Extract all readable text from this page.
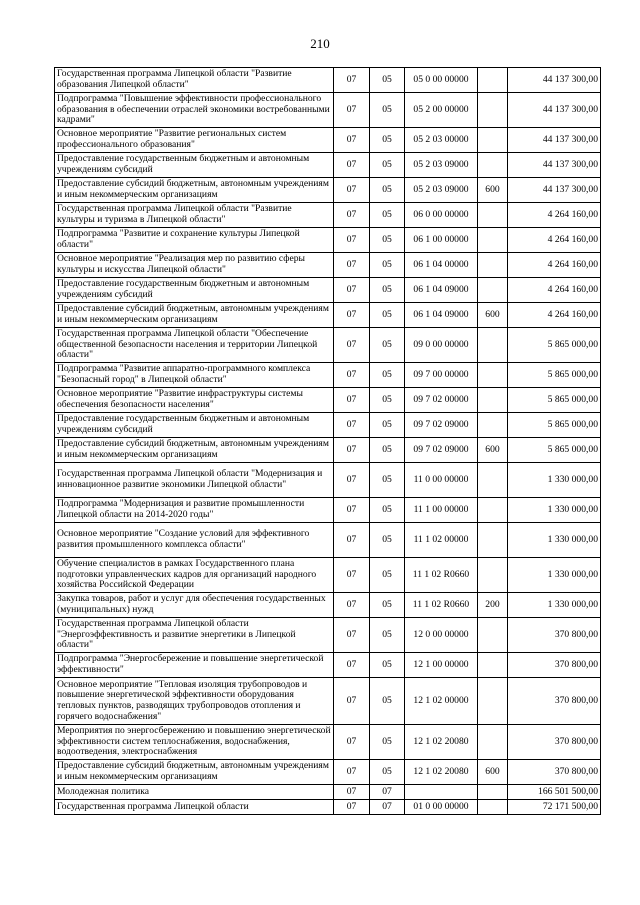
210
Государственная программа Липецкой области "Развитие образования Липецкой области"	07	05	05 0 00 00000		44 137 300,00
Подпрограмма "Повышение эффективности профессионального образования в обеспечении отраслей экономики востребованными кадрами"	07	05	05 2 00 00000		44 137 300,00
Основное мероприятие "Развитие региональных систем профессионального образования"	07	05	05 2 03 00000		44 137 300,00
Предоставление государственным бюджетным и автономным учреждениям субсидий	07	05	05 2 03 09000		44 137 300,00
Предоставление субсидий бюджетным, автономным учреждениям и иным некоммерческим организациям	07	05	05 2 03 09000	600	44 137 300,00
Государственная программа Липецкой области "Развитие культуры и туризма в Липецкой области"	07	05	06 0 00 00000		4 264 160,00
Подпрограмма "Развитие и сохранение культуры Липецкой области"	07	05	06 1 00 00000		4 264 160,00
Основное мероприятие "Реализация мер по развитию сферы культуры и искусства Липецкой области"	07	05	06 1 04 00000		4 264 160,00
Предоставление государственным бюджетным и автономным учреждениям субсидий	07	05	06 1 04 09000		4 264 160,00
Предоставление субсидий бюджетным, автономным учреждениям и иным некоммерческим организациям	07	05	06 1 04 09000	600	4 264 160,00
Государственная программа Липецкой области "Обеспечение общественной безопасности населения и территории Липецкой области"	07	05	09 0 00 00000		5 865 000,00
Подпрограмма "Развитие аппаратно-программного комплекса "Безопасный город" в Липецкой области"	07	05	09 7 00 00000		5 865 000,00
Основное мероприятие "Развитие инфраструктуры системы обеспечения безопасности населения"	07	05	09 7 02 00000		5 865 000,00
Предоставление государственным бюджетным и автономным учреждениям субсидий	07	05	09 7 02 09000		5 865 000,00
Предоставление субсидий бюджетным, автономным учреждениям и иным некоммерческим организациям	07	05	09 7 02 09000	600	5 865 000,00
Государственная программа Липецкой области "Модернизация и инновационное развитие экономики Липецкой области"	07	05	11 0 00 00000		1 330 000,00
Подпрограмма "Модернизация и развитие промышленности Липецкой области на 2014-2020 годы"	07	05	11 1 00 00000		1 330 000,00
Основное мероприятие "Создание условий для эффективного развития промышленного комплекса области"	07	05	11 1 02 00000		1 330 000,00
Обучение специалистов в рамках Государственного плана подготовки управленческих кадров для организаций народного хозяйства Российской Федерации	07	05	11 1 02 R0660		1 330 000,00
Закупка товаров, работ и услуг для обеспечения государственных (муниципальных) нужд	07	05	11 1 02 R0660	200	1 330 000,00
Государственная программа Липецкой области "Энергоэффективность и развитие энергетики в Липецкой области"	07	05	12 0 00 00000		370 800,00
Подпрограмма "Энергосбережение и повышение энергетической эффективности"	07	05	12 1 00 00000		370 800,00
Основное мероприятие "Тепловая изоляция трубопроводов и повышение энергетической эффективности оборудования тепловых пунктов, разводящих трубопроводов отопления и горячего водоснабжения"	07	05	12 1 02 00000		370 800,00
Мероприятия по энергосбережению и повышению энергетической эффективности систем теплоснабжения, водоснабжения, водоотведения, электроснабжения	07	05	12 1 02 20080		370 800,00
Предоставление субсидий бюджетным, автономным учреждениям и иным некоммерческим организациям	07	05	12 1 02 20080	600	370 800,00
Молодежная политика	07	07			166 501 500,00
Государственная программа Липецкой области	07	07	01 0 00 00000		72 171 500,00
